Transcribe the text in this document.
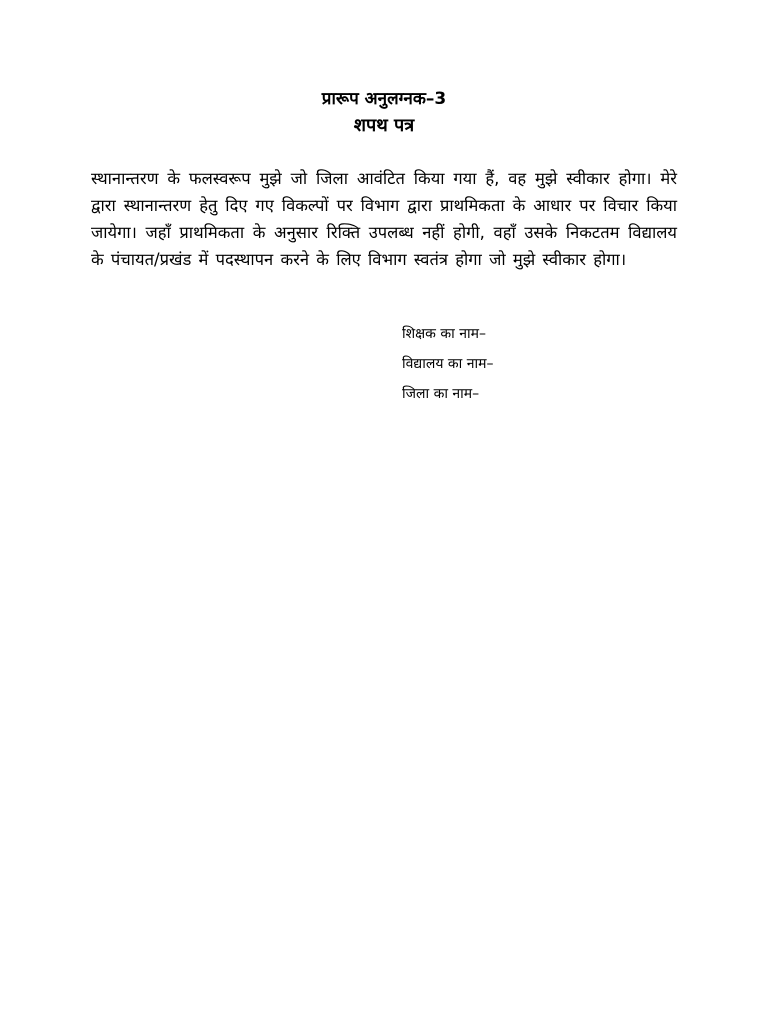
प्रारूप अनुलग्नक–3
शपथ पत्र
स्थानान्तरण के फलस्वरूप मुझे जो जिला आवंटित किया गया हैं, वह मुझे स्वीकार होगा। मेरे द्वारा स्थानान्तरण हेतु दिए गए विकल्पों पर विभाग द्वारा प्राथमिकता के आधार पर विचार किया जायेगा। जहाँ प्राथमिकता के अनुसार रिक्ति उपलब्ध नहीं होगी, वहाँ उसके निकटतम विद्यालय के पंचायत/प्रखंड में पदस्थापन करने के लिए विभाग स्वतंत्र होगा जो मुझे स्वीकार होगा।
शिक्षक का नाम–
विद्यालय का नाम–
जिला का नाम–
